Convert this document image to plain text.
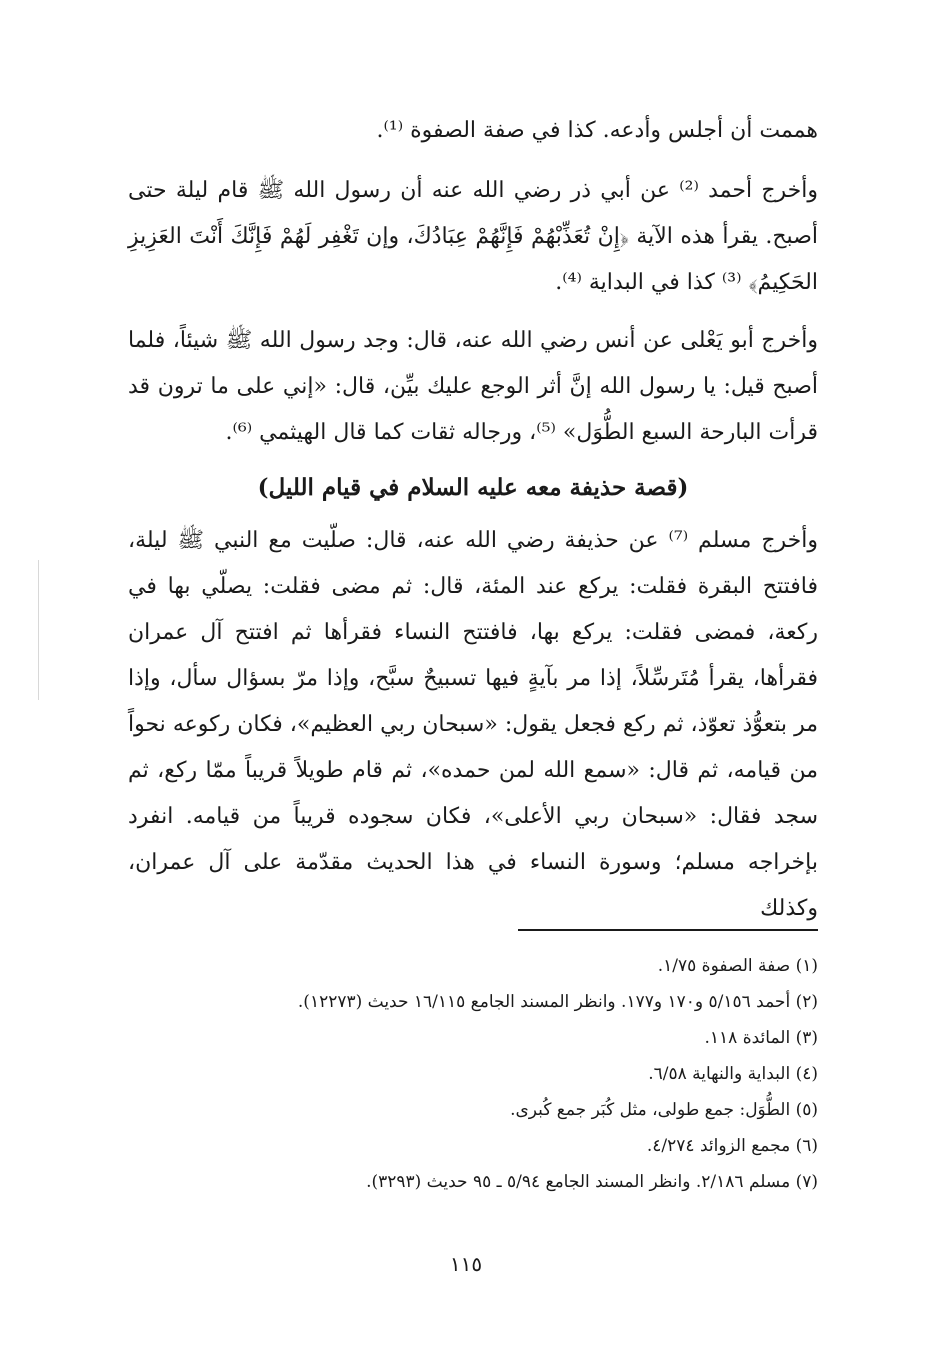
هممت أن أجلس وأدعه. كذا في صفة الصفوة ⁽¹⁾.

وأخرج أحمد ⁽²⁾ عن أبي ذر رضي الله عنه أن رسول الله ﷺ قام ليلة حتى أصبح. يقرأ هذه الآية ﴿إِنْ تُعَذِّبْهُمْ فَإِنَّهُمْ عِبَادُكَ، وإن تَغْفِر لَهُمْ فَإِنَّكَ أَنْتَ العَزِيزِ الحَكِيمُ﴾ ⁽³⁾ كذا في البداية ⁽⁴⁾.

وأخرج أبو يَعْلى عن أنس رضي الله عنه، قال: وجد رسول الله ﷺ شيئاً، فلما أصبح قيل: يا رسول الله إنَّ أثر الوجع عليك بيِّن، قال: «إني على ما ترون قد قرأت البارحة السبع الطُّوَل» ⁽⁵⁾، ورجاله ثقات كما قال الهيثمي ⁽⁶⁾.

(قصة حذيفة معه عليه السلام في قيام الليل)

وأخرج مسلم ⁽⁷⁾ عن حذيفة رضي الله عنه، قال: صلّيت مع النبي ﷺ ليلة، فافتتح البقرة فقلت: يركع عند المئة، قال: ثم مضى فقلت: يصلّي بها في ركعة، فمضى فقلت: يركع بها، فافتتح النساء فقرأها ثم افتتح آل عمران فقرأها، يقرأ مُتَرسِّلاً، إذا مر بآيةٍ فيها تسبيحٌ سبَّح، وإذا مرّ بسؤال سأل، وإذا مر بتعوُّذ تعوّذ، ثم ركع فجعل يقول: «سبحان ربي العظيم»، فكان ركوعه نحواً من قيامه، ثم قال: «سمع الله لمن حمده»، ثم قام طويلاً قريباً ممّا ركع، ثم سجد فقال: «سبحان ربي الأعلى»، فكان سجوده قريباً من قيامه. انفرد بإخراجه مسلم؛ وسورة النساء في هذا الحديث مقدّمة على آل عمران، وكذلك

(١) صفة الصفوة ١/٧٥.
(٢) أحمد ٥/١٥٦ و١٧٠ و١٧٧. وانظر المسند الجامع ١٦/١١٥ حديث (١٢٢٧٣).
(٣) المائدة ١١٨.
(٤) البداية والنهاية ٦/٥٨.
(٥) الطُّوَل: جمع طولى، مثل كُبَر جمع كُبرى.
(٦) مجمع الزوائد ٤/٢٧٤.
(٧) مسلم ٢/١٨٦. وانظر المسند الجامع ٥/٩٤ ـ ٩٥ حديث (٣٢٩٣).
١١٥
